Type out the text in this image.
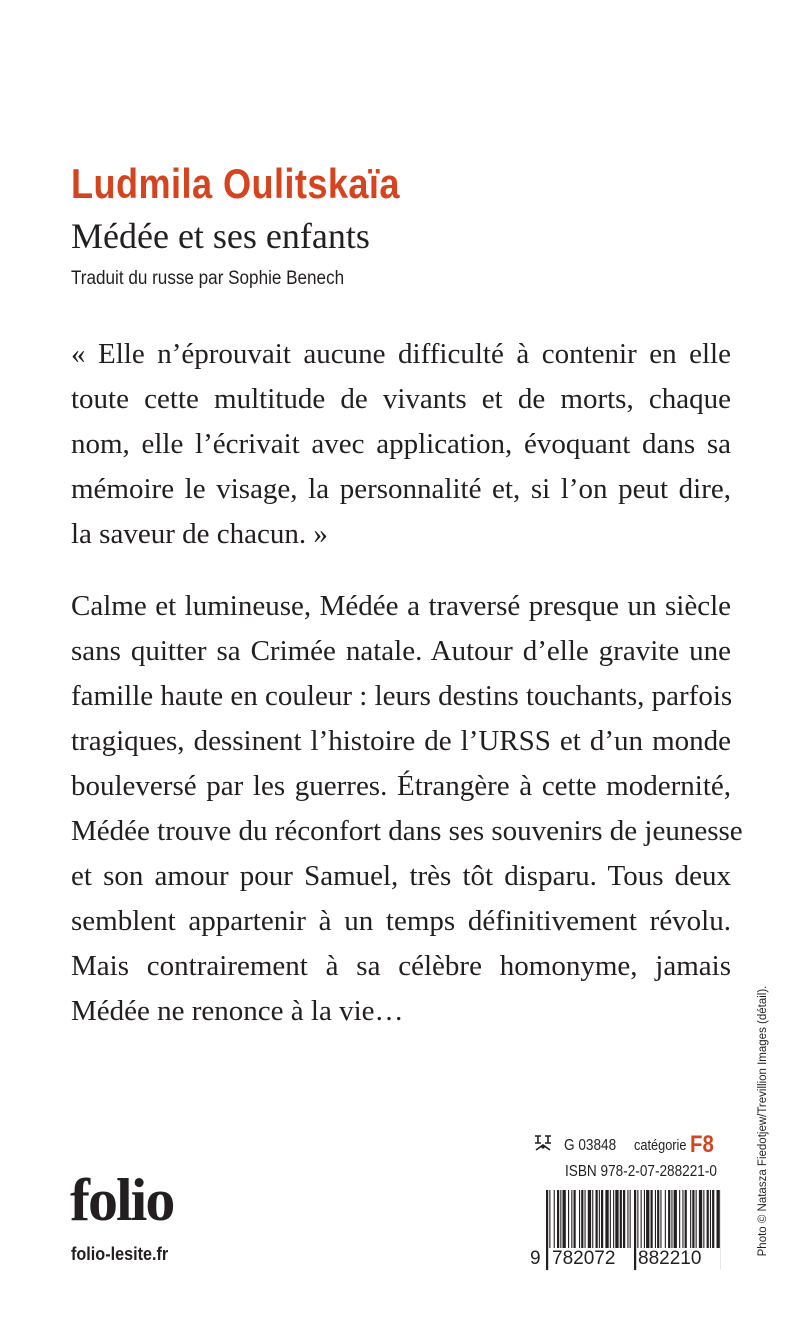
Ludmila Oulitskaïa
Médée et ses enfants
Traduit du russe par Sophie Benech
« Elle n’éprouvait aucune difficulté à contenir en elle
toute cette multitude de vivants et de morts, chaque
nom, elle l’écrivait avec application, évoquant dans sa
mémoire le visage, la personnalité et, si l’on peut dire,
la saveur de chacun. »
Calme et lumineuse, Médée a traversé presque un siècle
sans quitter sa Crimée natale. Autour d’elle gravite une
famille haute en couleur : leurs destins touchants, parfois
tragiques, dessinent l’histoire de l’URSS et d’un monde
bouleversé par les guerres. Étrangère à cette modernité,
Médée trouve du réconfort dans ses souvenirs de jeunesse
et son amour pour Samuel, très tôt disparu. Tous deux
semblent appartenir à un temps définitivement révolu.
Mais contrairement à sa célèbre homonyme, jamais
Médée ne renonce à la vie…
folio
folio-lesite.fr
G 03848 catégorie F8
ISBN 978-2-07-288221-0
9 782072 882210
Photo © Natasza Fiedotjew/Trevillion Images (détail).
